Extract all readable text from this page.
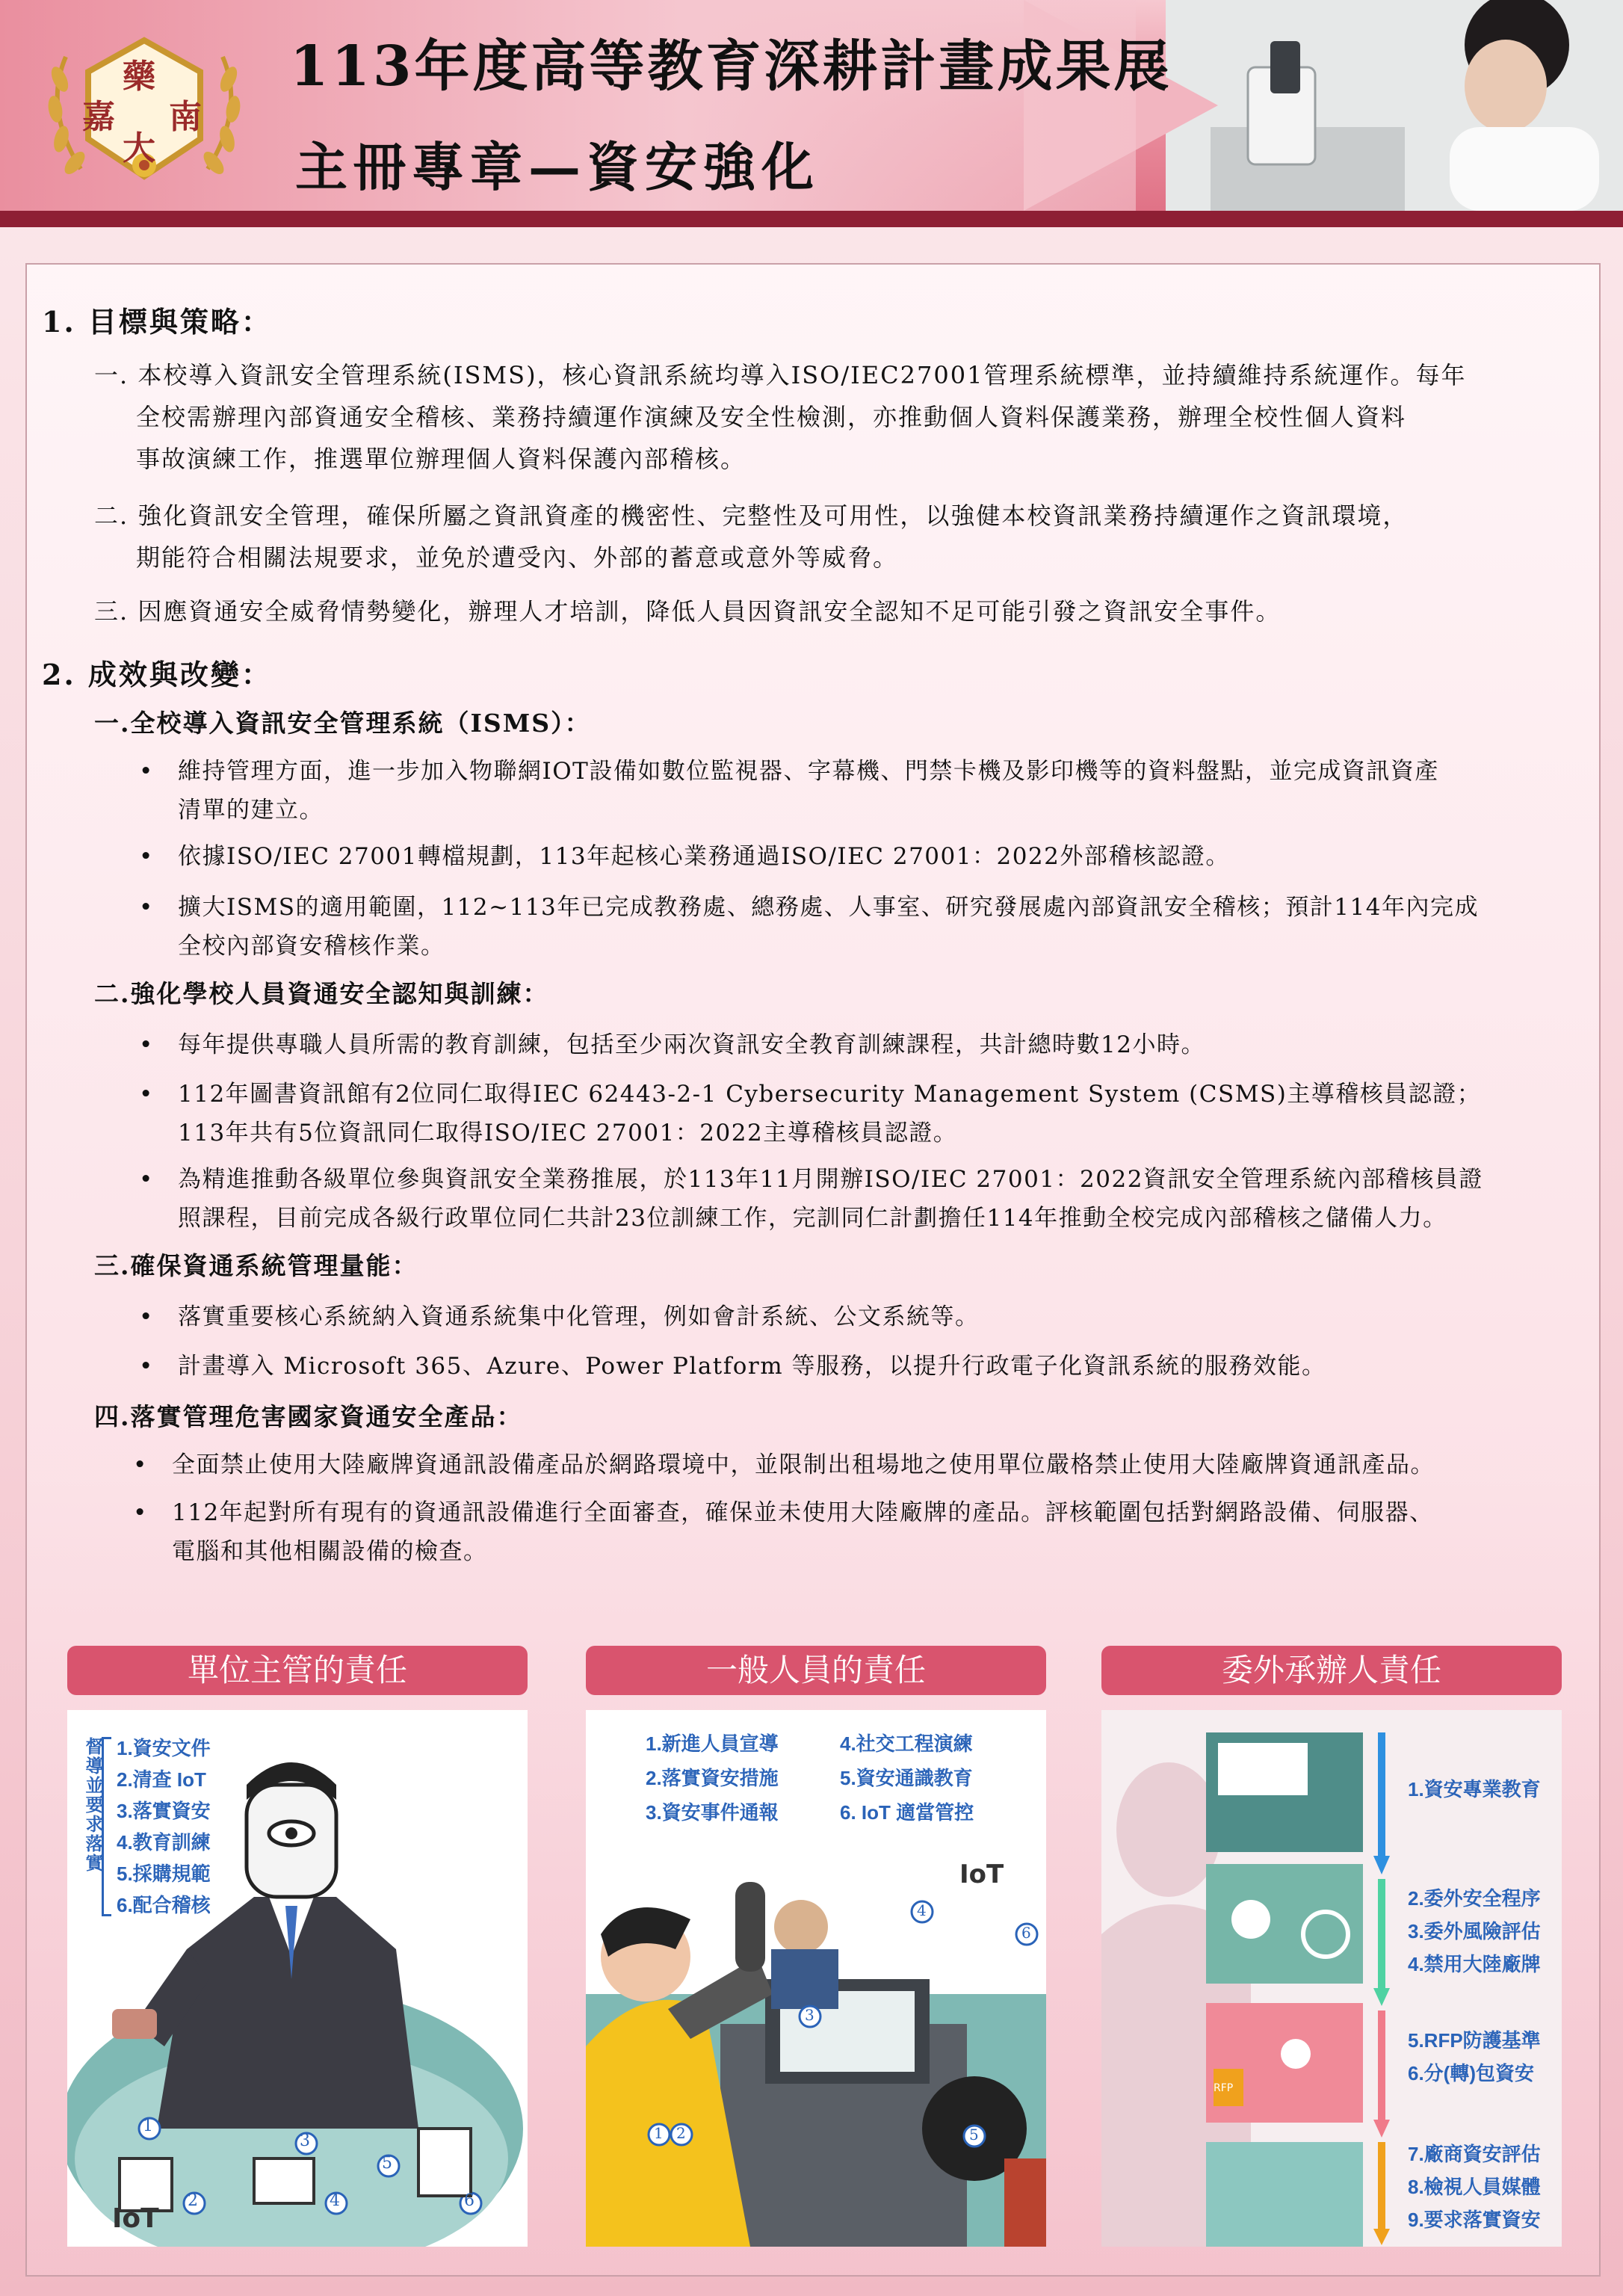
藥
嘉 南
大
113年度高等教育深耕計畫成果展
主冊專章—資安強化
1. 目標與策略：
一. 本校導入資訊安全管理系統(ISMS)，核心資訊系統均導入ISO/IEC27001管理系統標準，並持續維持系統運作。每年
全校需辦理內部資通安全稽核、業務持續運作演練及安全性檢測，亦推動個人資料保護業務，辦理全校性個人資料
事故演練工作，推選單位辦理個人資料保護內部稽核。
二. 強化資訊安全管理，確保所屬之資訊資產的機密性、完整性及可用性，以強健本校資訊業務持續運作之資訊環境，
期能符合相關法規要求，並免於遭受內、外部的蓄意或意外等威脅。
三. 因應資通安全威脅情勢變化，辦理人才培訓，降低人員因資訊安全認知不足可能引發之資訊安全事件。
2. 成效與改變：
一.全校導入資訊安全管理系統（ISMS）：
•	維持管理方面，進一步加入物聯網IOT設備如數位監視器、字幕機、門禁卡機及影印機等的資料盤點，並完成資訊資產
清單的建立。
•	依據ISO/IEC 27001轉檔規劃，113年起核心業務通過ISO/IEC 27001：2022外部稽核認證。
•	擴大ISMS的適用範圍，112~113年已完成教務處、總務處、人事室、研究發展處內部資訊安全稽核；預計114年內完成
全校內部資安稽核作業。
二.強化學校人員資通安全認知與訓練：
•	每年提供專職人員所需的教育訓練，包括至少兩次資訊安全教育訓練課程，共計總時數12小時。
•	112年圖書資訊館有2位同仁取得IEC 62443-2-1 Cybersecurity Management System (CSMS)主導稽核員認證；
113年共有5位資訊同仁取得ISO/IEC 27001：2022主導稽核員認證。
•	為精進推動各級單位參與資訊安全業務推展，於113年11月開辦ISO/IEC 27001：2022資訊安全管理系統內部稽核員證
照課程，目前完成各級行政單位同仁共計23位訓練工作，完訓同仁計劃擔任114年推動全校完成內部稽核之儲備人力。
三.確保資通系統管理量能：
•	落實重要核心系統納入資通系統集中化管理，例如會計系統、公文系統等。
•	計畫導入 Microsoft 365、Azure、Power Platform 等服務，以提升行政電子化資訊系統的服務效能。
四.落實管理危害國家資通安全產品：
•	全面禁止使用大陸廠牌資通訊設備產品於網路環境中，並限制出租場地之使用單位嚴格禁止使用大陸廠牌資通訊產品。
•	112年起對所有現有的資通訊設備進行全面審查，確保並未使用大陸廠牌的產品。評核範圍包括對網路設備、伺服器、
電腦和其他相關設備的檢查。
單位主管的責任
督導並要求落實 1.資安文件
2.清查 IoT
3.落實資安
4.教育訓練
5.採購規範
6.配合稽核
IoT
1
2
3
4
5
6
一般人員的責任
1.新進人員宣導
2.落實資安措施
3.資安事件通報
4.社交工程演練
5.資安通識教育
6. IoT 適當管控
IoT
1 2
3
4
5
6
委外承辦人責任
RFP
1.資安專業教育
2.委外安全程序
3.委外風險評估
4.禁用大陸廠牌
5.RFP防護基準
6.分(轉)包資安
7.廠商資安評估
8.檢視人員媒體
9.要求落實資安
